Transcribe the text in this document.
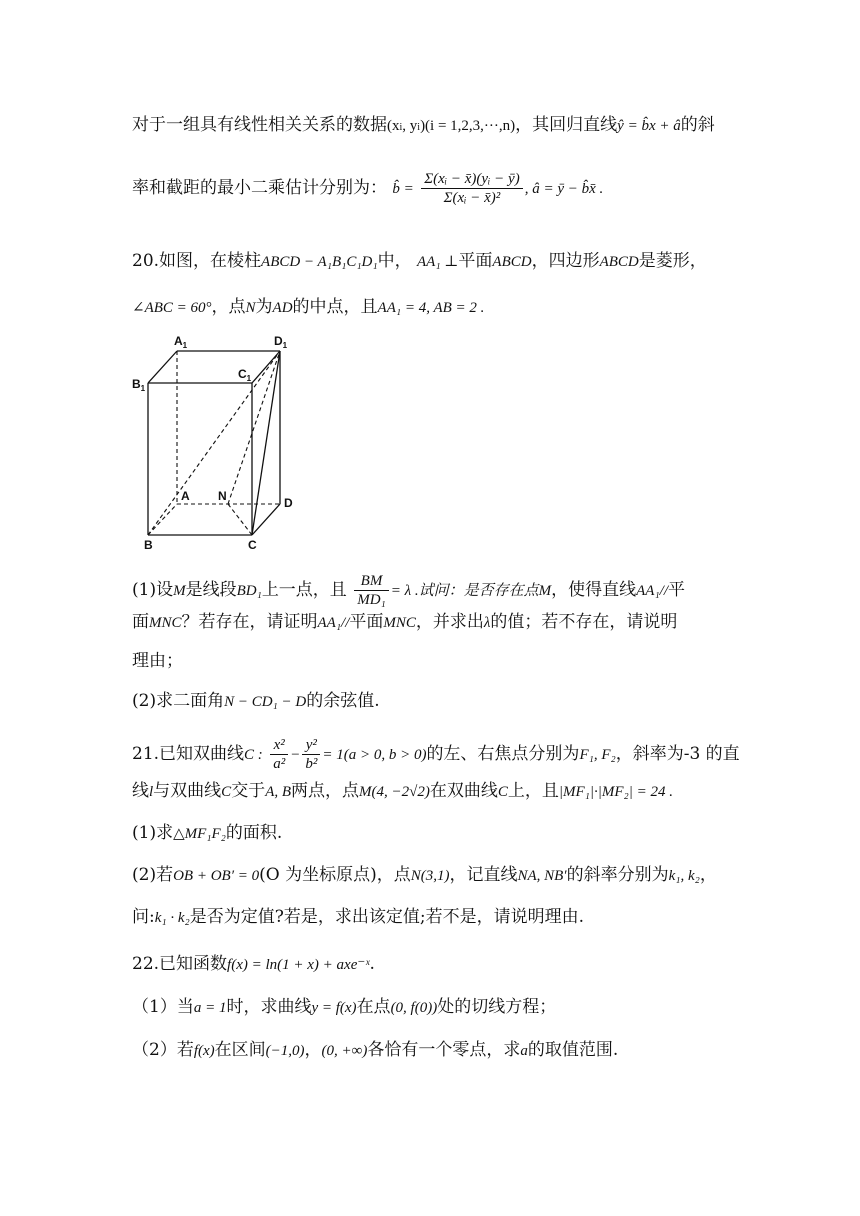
对于一组具有线性相关关系的数据(xi, yi)(i = 1,2,3,···,n)，其回归直线ŷ = b̂x + â的斜
率和截距的最小二乘估计分别为： b̂ = $\frac{\text{Σ(xᵢ − x̄)(yᵢ − ȳ)}}{\text{Σ(xᵢ − x̄)²}}$ , â = ȳ − b̂x̄ .
20.如图，在棱柱ABCD − A₁B₁C₁D₁中， AA₁ ⊥平面ABCD，四边形ABCD是菱形，
∠ABC = 60°，点N为AD的中点，且AA₁ = 4, AB = 2 .
$A_1$	$D_1$
$B_1$
$C_1$
A N	D
B	C
(1)设M是线段BD₁上一点，且 $\frac{BM}{\text{MD₁}} = \lambda$ .试问：是否存在点M，使得直线AA₁//平
面MNC？若存在，请证明AA₁//平面MNC，并求出λ的值；若不存在，请说明
理由；
(2)求二面角N − CD₁ − D的余弦值.
21.已知双曲线C : $\frac{\text{x²}}{\text{a²}} - \frac{\text{y²}}{\text{b²}} = 1(a > 0$, b > 0)的左、右焦点分别为F₁, F₂，斜率为-3 的直
线l与双曲线C交于A, B两点，点M(4, −2√2)在双曲线C上，且|MF₁|·|MF₂| = 24 .
(1)求△MF₁F₂的面积.
(2)若OB + OB′ = 0(O 为坐标原点)，点N(3,1)，记直线NA, NB′的斜率分别为k₁, k₂，
问:k₁ · k₂是否为定值?若是，求出该定值;若不是，请说明理由.
22.已知函数f(x) = ln(1 + x) + axe⁻ˣ.
（1）当a = 1时，求曲线y = f(x)在点(0, f(0))处的切线方程；
（2）若f(x)在区间(−1,0)，(0, +∞)各恰有一个零点，求a的取值范围.
